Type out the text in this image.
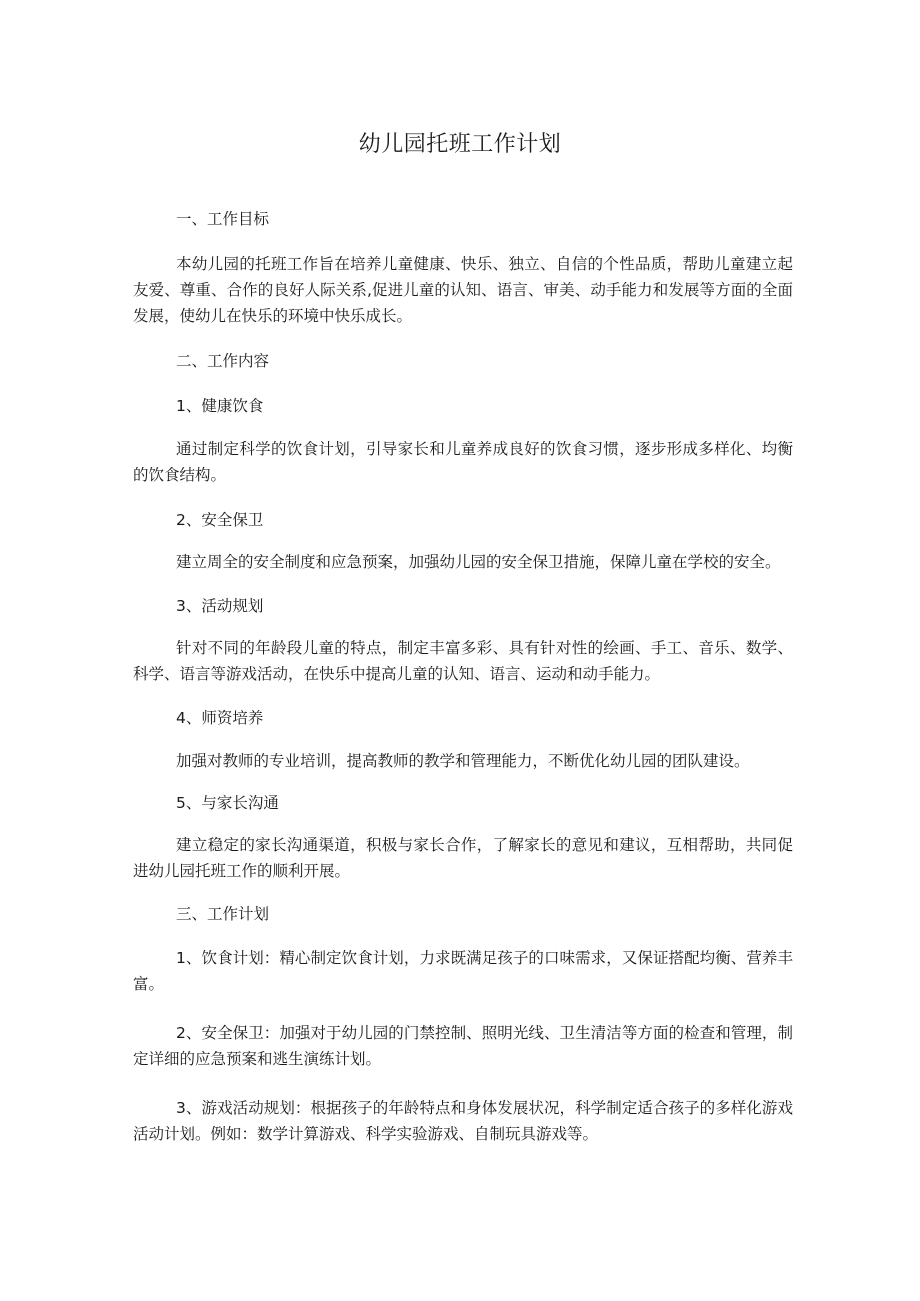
幼儿园托班工作计划

一、工作目标

本幼儿园的托班工作旨在培养儿童健康、快乐、独立、自信的个性品质，帮助儿童建立起友爱、尊重、合作的良好人际关系,促进儿童的认知、语言、审美、动手能力和发展等方面的全面发展，使幼儿在快乐的环境中快乐成长。

二、工作内容

1、健康饮食

通过制定科学的饮食计划，引导家长和儿童养成良好的饮食习惯，逐步形成多样化、均衡的饮食结构。

2、安全保卫

建立周全的安全制度和应急预案，加强幼儿园的安全保卫措施，保障儿童在学校的安全。

3、活动规划

针对不同的年龄段儿童的特点，制定丰富多彩、具有针对性的绘画、手工、音乐、数学、科学、语言等游戏活动，在快乐中提高儿童的认知、语言、运动和动手能力。

4、师资培养

加强对教师的专业培训，提高教师的教学和管理能力，不断优化幼儿园的团队建设。

5、与家长沟通

建立稳定的家长沟通渠道，积极与家长合作，了解家长的意见和建议，互相帮助，共同促进幼儿园托班工作的顺利开展。

三、工作计划

1、饮食计划：精心制定饮食计划，力求既满足孩子的口味需求，又保证搭配均衡、营养丰富。

2、安全保卫：加强对于幼儿园的门禁控制、照明光线、卫生清洁等方面的检查和管理，制定详细的应急预案和逃生演练计划。

3、游戏活动规划：根据孩子的年龄特点和身体发展状况，科学制定适合孩子的多样化游戏活动计划。例如：数学计算游戏、科学实验游戏、自制玩具游戏等。
